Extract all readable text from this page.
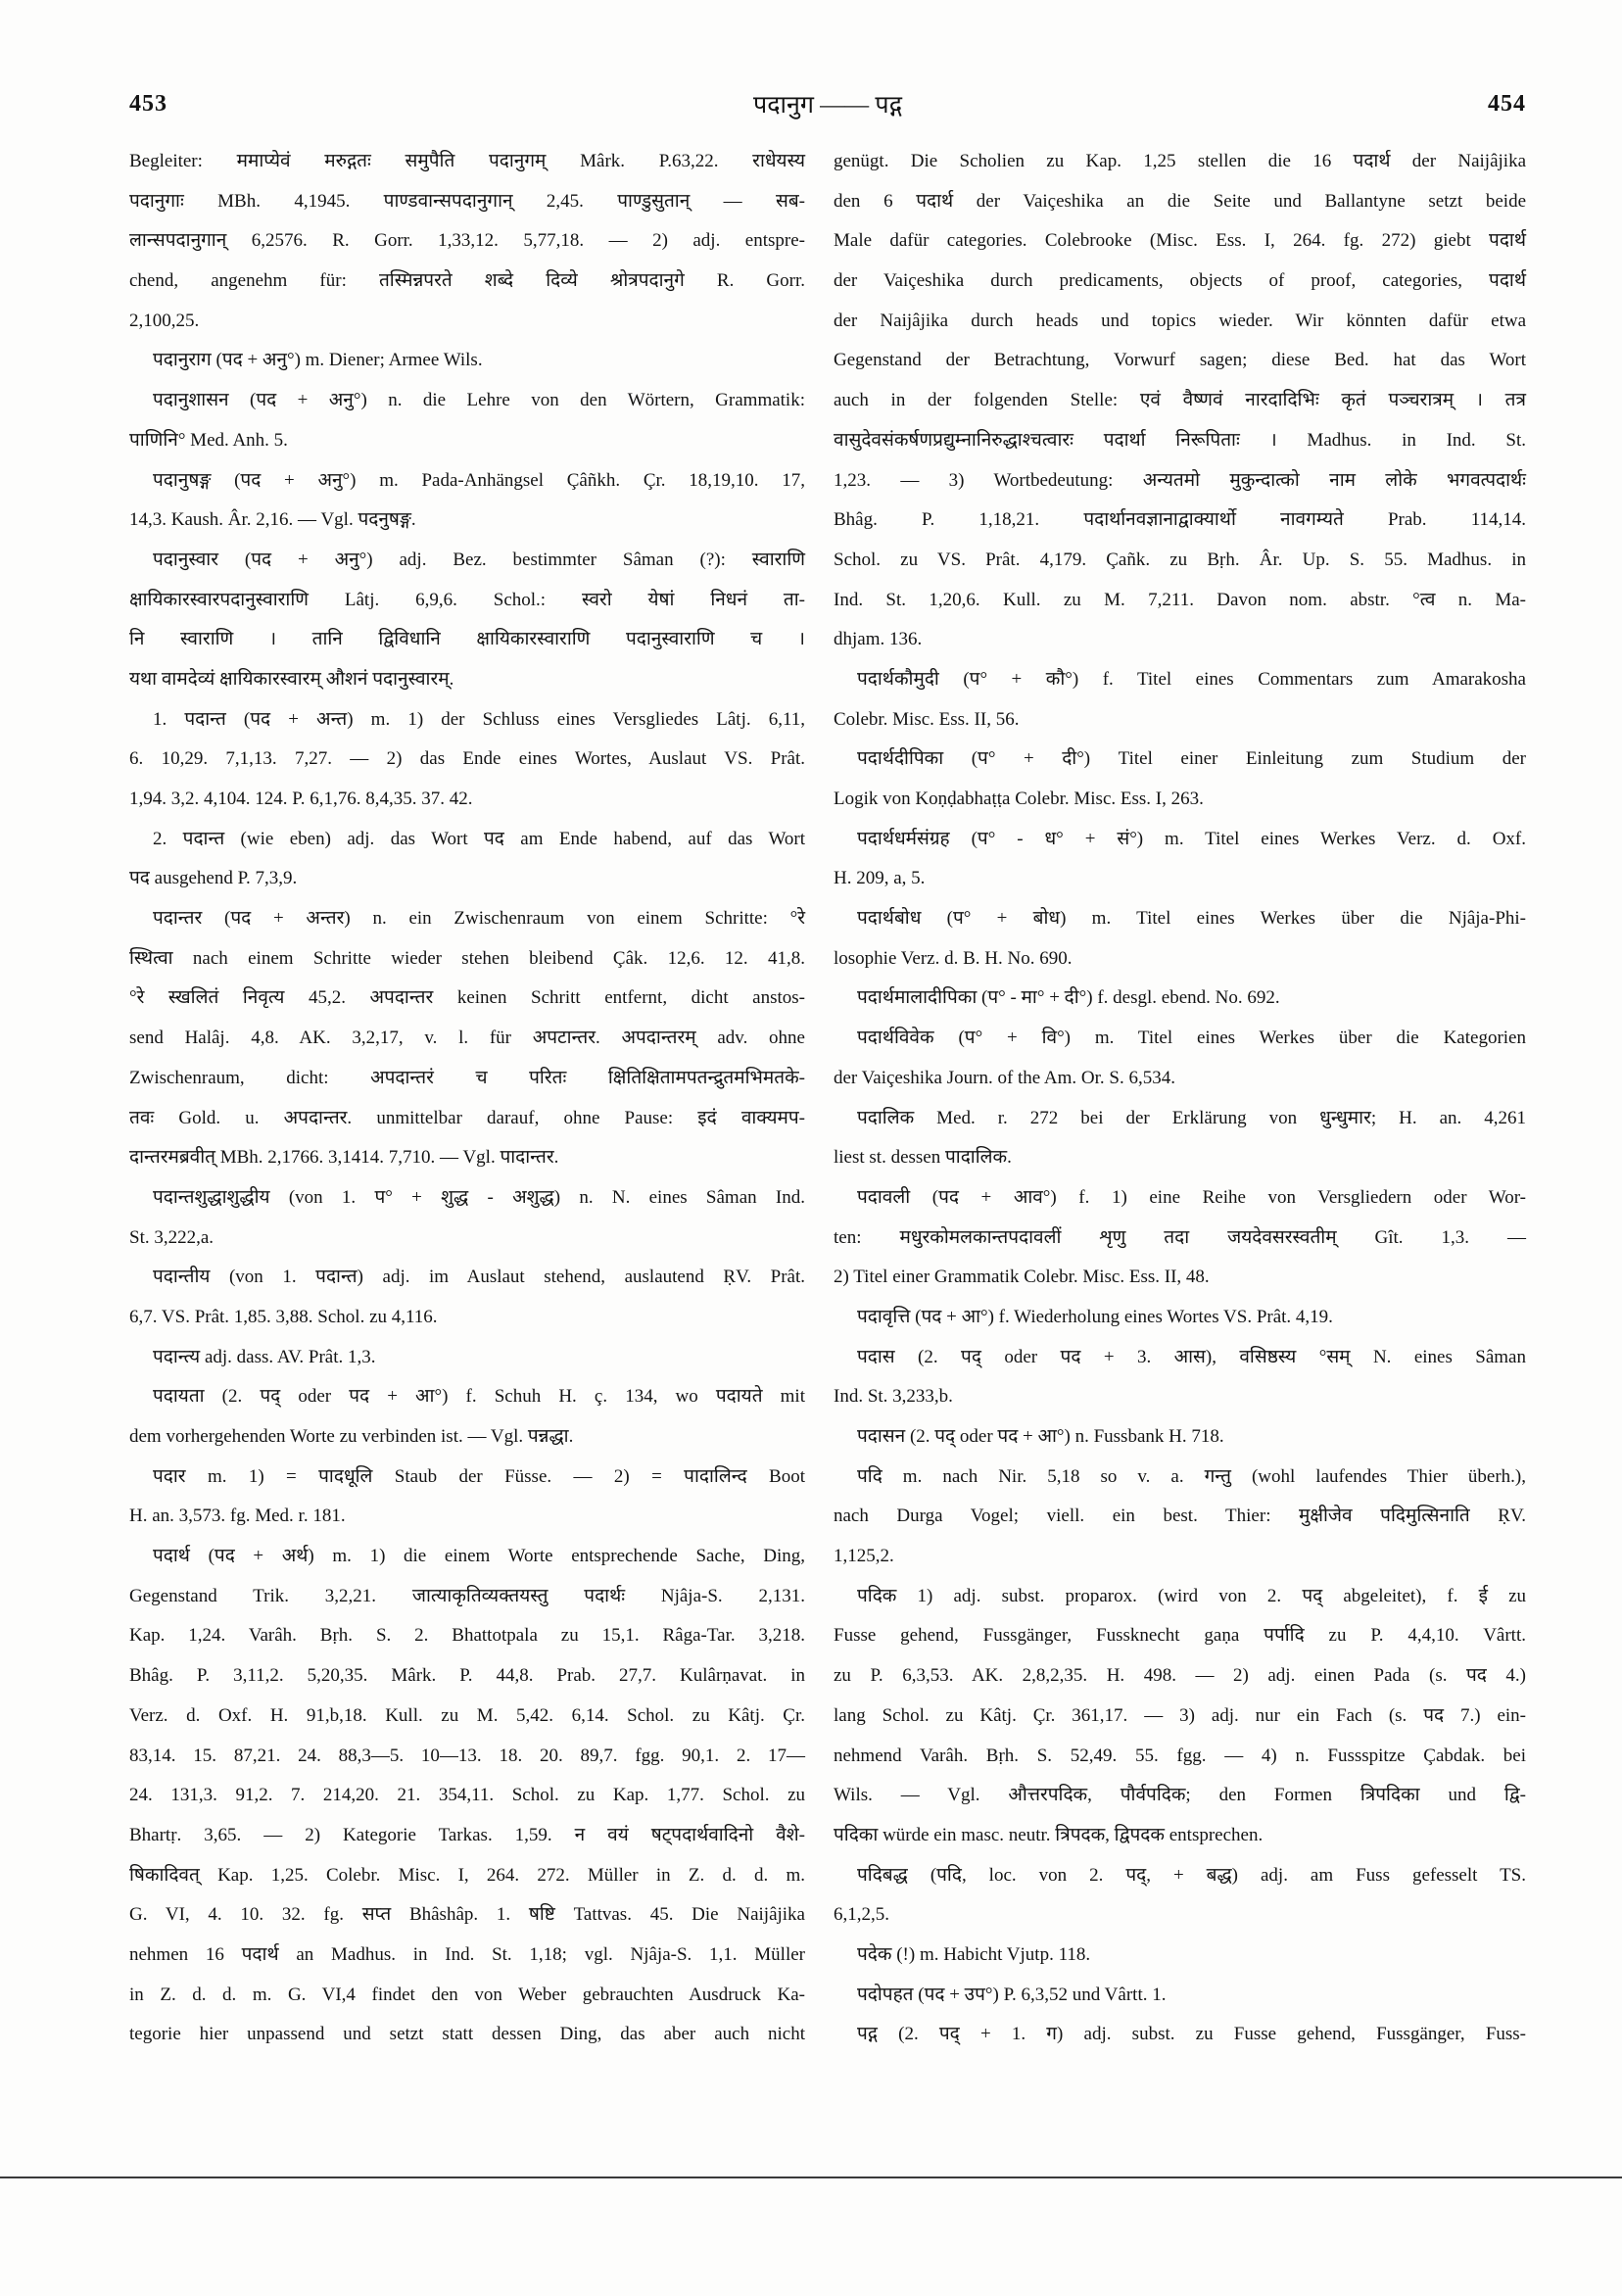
453	पदानुग —— पद्ग	454
Begleiter: ममाप्येवं मरुद्गतः समुपैति पदानुगम् Mârk. P.63,22. राधेयस्य
पदानुगाः MBh. 4,1945. पाण्डवान्सपदानुगान् 2,45. पाण्डुसुतान् — सब-
लान्सपदानुगान् 6,2576. R. Gorr. 1,33,12. 5,77,18. — 2) adj. entspre-
chend, angenehm für: तस्मिन्नपरते शब्दे दिव्ये श्रोत्रपदानुगे R. Gorr.
2,100,25.
पदानुराग (पद + अनु°) m. Diener; Armee Wils.
पदानुशासन (पद + अनु°) n. die Lehre von den Wörtern, Grammatik:
पाणिनि° Med. Anh. 5.
पदानुषङ्ग (पद + अनु°) m. Pada-Anhängsel Çâñkh. Çr. 18,19,10. 17,
14,3. Kaush. Âr. 2,16. — Vgl. पदनुषङ्ग.
पदानुस्वार (पद + अनु°) adj. Bez. bestimmter Sâman (?): स्वाराणि
क्षायिकारस्वारपदानुस्वाराणि Lâtj. 6,9,6. Schol.: स्वरो येषां निधनं ता-
नि स्वाराणि । तानि द्विविधानि क्षायिकारस्वाराणि पदानुस्वाराणि च ।
यथा वामदेव्यं क्षायिकारस्वारम् औशनं पदानुस्वारम्.
1. पदान्त (पद + अन्त) m. 1) der Schluss eines Versgliedes Lâtj. 6,11,
6. 10,29. 7,1,13. 7,27. — 2) das Ende eines Wortes, Auslaut VS. Prât.
1,94. 3,2. 4,104. 124. P. 6,1,76. 8,4,35. 37. 42.
2. पदान्त (wie eben) adj. das Wort पद am Ende habend, auf das Wort
पद ausgehend P. 7,3,9.
पदान्तर (पद + अन्तर) n. ein Zwischenraum von einem Schritte: °रे
स्थित्वा nach einem Schritte wieder stehen bleibend Çâk. 12,6. 12. 41,8.
°रे स्खलितं निवृत्य 45,2. अपदान्तर keinen Schritt entfernt, dicht anstos-
send Halâj. 4,8. AK. 3,2,17, v. l. für अपटान्तर. अपदान्तरम् adv. ohne
Zwischenraum, dicht: अपदान्तरं च परितः क्षितिक्षितामपतन्द्रुतमभिमतके-
तवः Gold. u. अपदान्तर. unmittelbar darauf, ohne Pause: इदं वाक्यमप-
दान्तरमब्रवीत् MBh. 2,1766. 3,1414. 7,710. — Vgl. पादान्तर.
पदान्तशुद्धाशुद्धीय (von 1. प° + शुद्ध - अशुद्ध) n. N. eines Sâman Ind.
St. 3,222,a.
पदान्तीय (von 1. पदान्त) adj. im Auslaut stehend, auslautend ṚV. Prât.
6,7. VS. Prât. 1,85. 3,88. Schol. zu 4,116.
पदान्त्य adj. dass. AV. Prât. 1,3.
पदायता (2. पद् oder पद + आ°) f. Schuh H. ç. 134, wo पदायते mit
dem vorhergehenden Worte zu verbinden ist. — Vgl. पन्नद्धा.
पदार m. 1) = पादधूलि Staub der Füsse. — 2) = पादालिन्द Boot
H. an. 3,573. fg. Med. r. 181.
पदार्थ (पद + अर्थ) m. 1) die einem Worte entsprechende Sache, Ding,
Gegenstand Trik. 3,2,21. जात्याकृतिव्यक्तयस्तु पदार्थः Njâja-S. 2,131.
Kap. 1,24. Varâh. Bṛh. S. 2. Bhattotpala zu 15,1. Râga-Tar. 3,218.
Bhâg. P. 3,11,2. 5,20,35. Mârk. P. 44,8. Prab. 27,7. Kulârṇavat. in
Verz. d. Oxf. H. 91,b,18. Kull. zu M. 5,42. 6,14. Schol. zu Kâtj. Çr.
83,14. 15. 87,21. 24. 88,3—5. 10—13. 18. 20. 89,7. fgg. 90,1. 2. 17—
24. 131,3. 91,2. 7. 214,20. 21. 354,11. Schol. zu Kap. 1,77. Schol. zu
Bhartṛ. 3,65. — 2) Kategorie Tarkas. 1,59. न वयं षट्पदार्थवादिनो वैशे-
षिकादिवत् Kap. 1,25. Colebr. Misc. I, 264. 272. Müller in Z. d. d. m.
G. VI, 4. 10. 32. fg. सप्त Bhâshâp. 1. षष्टि Tattvas. 45. Die Naijâjika
nehmen 16 पदार्थ an Madhus. in Ind. St. 1,18; vgl. Njâja-S. 1,1. Müller
in Z. d. d. m. G. VI,4 findet den von Weber gebrauchten Ausdruck Ka-
tegorie hier unpassend und setzt statt dessen Ding, das aber auch nicht
genügt. Die Scholien zu Kap. 1,25 stellen die 16 पदार्थ der Naijâjika
den 6 पदार्थ der Vaiçeshika an die Seite und Ballantyne setzt beide
Male dafür categories. Colebrooke (Misc. Ess. I, 264. fg. 272) giebt पदार्थ
der Vaiçeshika durch predicaments, objects of proof, categories, पदार्थ
der Naijâjika durch heads und topics wieder. Wir könnten dafür etwa
Gegenstand der Betrachtung, Vorwurf sagen; diese Bed. hat das Wort
auch in der folgenden Stelle: एवं वैष्णवं नारदादिभिः कृतं पञ्चरात्रम् । तत्र
वासुदेवसंकर्षणप्रद्युम्नानिरुद्धाश्चत्वारः पदार्था निरूपिताः । Madhus. in Ind. St.
1,23. — 3) Wortbedeutung: अन्यतमो मुकुन्दात्को नाम लोके भगवत्पदार्थः
Bhâg. P. 1,18,21. पदार्थानवज्ञानाद्वाक्यार्थो नावगम्यते Prab. 114,14.
Schol. zu VS. Prât. 4,179. Çañk. zu Bṛh. Âr. Up. S. 55. Madhus. in
Ind. St. 1,20,6. Kull. zu M. 7,211. Davon nom. abstr. °त्व n. Ma-
dhjam. 136.
पदार्थकौमुदी (प° + कौ°) f. Titel eines Commentars zum Amarakosha
Colebr. Misc. Ess. II, 56.
पदार्थदीपिका (प° + दी°) Titel einer Einleitung zum Studium der
Logik von Koṇḍabhaṭṭa Colebr. Misc. Ess. I, 263.
पदार्थधर्मसंग्रह (प° - ध° + सं°) m. Titel eines Werkes Verz. d. Oxf.
H. 209, a, 5.
पदार्थबोध (प° + बोध) m. Titel eines Werkes über die Njâja-Phi-
losophie Verz. d. B. H. No. 690.
पदार्थमालादीपिका (प° - मा° + दी°) f. desgl. ebend. No. 692.
पदार्थविवेक (प° + वि°) m. Titel eines Werkes über die Kategorien
der Vaiçeshika Journ. of the Am. Or. S. 6,534.
पदालिक Med. r. 272 bei der Erklärung von धुन्धुमार; H. an. 4,261
liest st. dessen पादालिक.
पदावली (पद + आव°) f. 1) eine Reihe von Versgliedern oder Wor-
ten: मधुरकोमलकान्तपदावलीं शृणु तदा जयदेवसरस्वतीम् Gît. 1,3. —
2) Titel einer Grammatik Colebr. Misc. Ess. II, 48.
पदावृत्ति (पद + आ°) f. Wiederholung eines Wortes VS. Prât. 4,19.
पदास (2. पद् oder पद + 3. आस), वसिष्ठस्य °सम् N. eines Sâman
Ind. St. 3,233,b.
पदासन (2. पद् oder पद + आ°) n. Fussbank H. 718.
पदि m. nach Nir. 5,18 so v. a. गन्तु (wohl laufendes Thier überh.),
nach Durga Vogel; viell. ein best. Thier: मुक्षीजेव पदिमुत्सिनाति ṚV.
1,125,2.
पदिक 1) adj. subst. proparox. (wird von 2. पद् abgeleitet), f. ई zu
Fusse gehend, Fussgänger, Fussknecht gaṇa पर्पादि zu P. 4,4,10. Vârtt.
zu P. 6,3,53. AK. 2,8,2,35. H. 498. — 2) adj. einen Pada (s. पद 4.)
lang Schol. zu Kâtj. Çr. 361,17. — 3) adj. nur ein Fach (s. पद 7.) ein-
nehmend Varâh. Bṛh. S. 52,49. 55. fgg. — 4) n. Fussspitze Çabdak. bei
Wils. — Vgl. औत्तरपदिक, पौर्वपदिक; den Formen त्रिपदिका und द्वि-
पदिका würde ein masc. neutr. त्रिपदक, द्विपदक entsprechen.
पदिबद्ध (पदि, loc. von 2. पद्, + बद्ध) adj. am Fuss gefesselt TS.
6,1,2,5.
पदेक (!) m. Habicht Vjutp. 118.
पदोपहत (पद + उप°) P. 6,3,52 und Vârtt. 1.
पद्ग (2. पद् + 1. ग) adj. subst. zu Fusse gehend, Fussgänger, Fuss-
